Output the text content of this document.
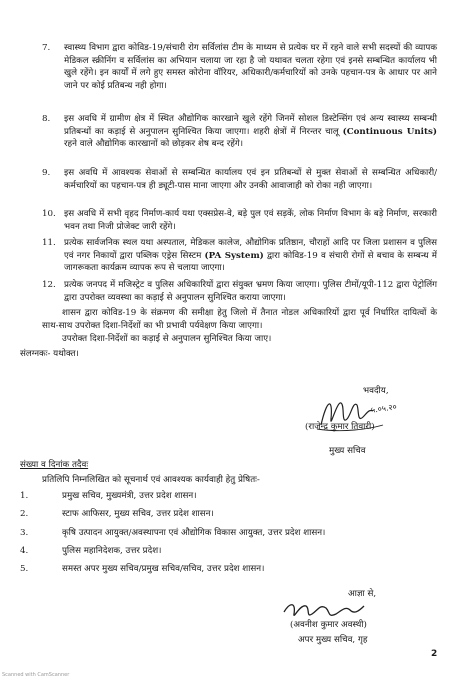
7.	स्वास्थ्य विभाग द्वारा कोविड-19/संचारी रोग सर्विलांस टीम के माध्यम से प्रत्येक घर में रहने वाले सभी सदस्यों की व्यापक मेडिकल स्क्रीनिंग व सर्विलांस का अभियान चलाया जा रहा है जो यथावत चलता रहेगा एवं इनसे सम्बन्धित कार्यालय भी खुले रहेंगे। इन कार्यों में लगे हुए समस्त कोरोना वॉरियर, अधिकारी/कर्मचारियों को उनके पहचान-पत्र के आधार पर आने जाने पर कोई प्रतिबन्ध नही होगा।
8.	इस अवधि में ग्रामीण क्षेत्र में स्थित औद्योगिक कारखाने खुले रहेंगे जिनमें सोशल डिस्टेन्सिंग एवं अन्य स्वास्थ्य सम्बन्धी प्रतिबन्धों का कड़ाई से अनुपालन सुनिश्चित किया जाएगा। शहरी क्षेत्रों में निरन्तर चालू (Continuous Units) रहने वाले औद्योगिक कारखानों को छोड़कर शेष बन्द रहेंगे।
9.	इस अवधि में आवश्यक सेवाओं से सम्बन्धित कार्यालय एवं इन प्रतिबन्धों से मुक्त सेवाओं से सम्बन्धित अधिकारी/कर्मचारियों का पहचान-पत्र ही ड्यूटी-पास माना जाएगा और उनकी आवाजाही को रोका नही जाएगा।
10. इस अवधि में सभी वृहद निर्माण-कार्य यथा एक्सप्रेस-वे, बड़े पुल एवं सड़कें, लोक निर्माण विभाग के बड़े निर्माण, सरकारी भवन तथा निजी प्रोजेक्ट जारी रहेंगे।
11. प्रत्येक सार्वजनिक स्थल यथा अस्पताल, मेडिकल कालेज, औद्योगिक प्रतिष्ठान, चौराहों आदि पर जिला प्रशासन व पुलिस एवं नगर निकायों द्वारा पब्लिक एड्रेस सिस्टम (PA System) द्वारा कोविड-19 व संचारी रोगों से बचाव के सम्बन्ध में जागरूकता कार्यक्रम व्यापक रूप से चलाया जाएगा।
12. प्रत्येक जनपद में मजिस्ट्रेट व पुलिस अधिकारियों द्वारा संयुक्त भ्रमण किया जाएगा। पुलिस टीमों/यूपी-112 द्वारा पेट्रोलिंग द्वारा उपरोक्त व्यवस्था का कड़ाई से अनुपालन सुनिश्चित कराया जाएगा।
शासन द्वारा कोविड-19 के संक्रमण की समीक्षा हेतु जिलो में तैनात नोडल अधिकारियों द्वारा पूर्व निर्धारित दायित्वों के साथ-साथ उपरोक्त दिशा-निर्देशों का भी प्रभावी पर्यवेक्षण किया जाएगा।
उपरोक्त दिशा-निर्देशों का कड़ाई से अनुपालन सुनिश्चित किया जाए।
संलग्नकः- यथोक्त।
भवदीय,
५.०५.२०
(राजेन्द्र कुमार तिवारी)
मुख्य सचिव
संख्या व दिनांक तदैवः
प्रतिलिपि निम्नलिखित को सूचनार्थ एवं आवश्यक कार्यवाही हेतु प्रेषितः-
1.	प्रमुख सचिव, मुख्यमंत्री, उत्तर प्रदेश शासन।
2.	स्टाफ आफिसर, मुख्य सचिव, उत्तर प्रदेश शासन।
3.	कृषि उत्पादन आयुक्त/अवस्थापना एवं औद्योगिक विकास आयुक्त, उत्तर प्रदेश शासन।
4.	पुलिस महानिदेशक, उत्तर प्रदेश।
5.	समस्त अपर मुख्य सचिव/प्रमुख सचिव/सचिव, उत्तर प्रदेश शासन।
आज्ञा से,
(अवनीश कुमार अवस्थी)
अपर मुख्य सचिव, गृह
2
Scanned with CamScanner
